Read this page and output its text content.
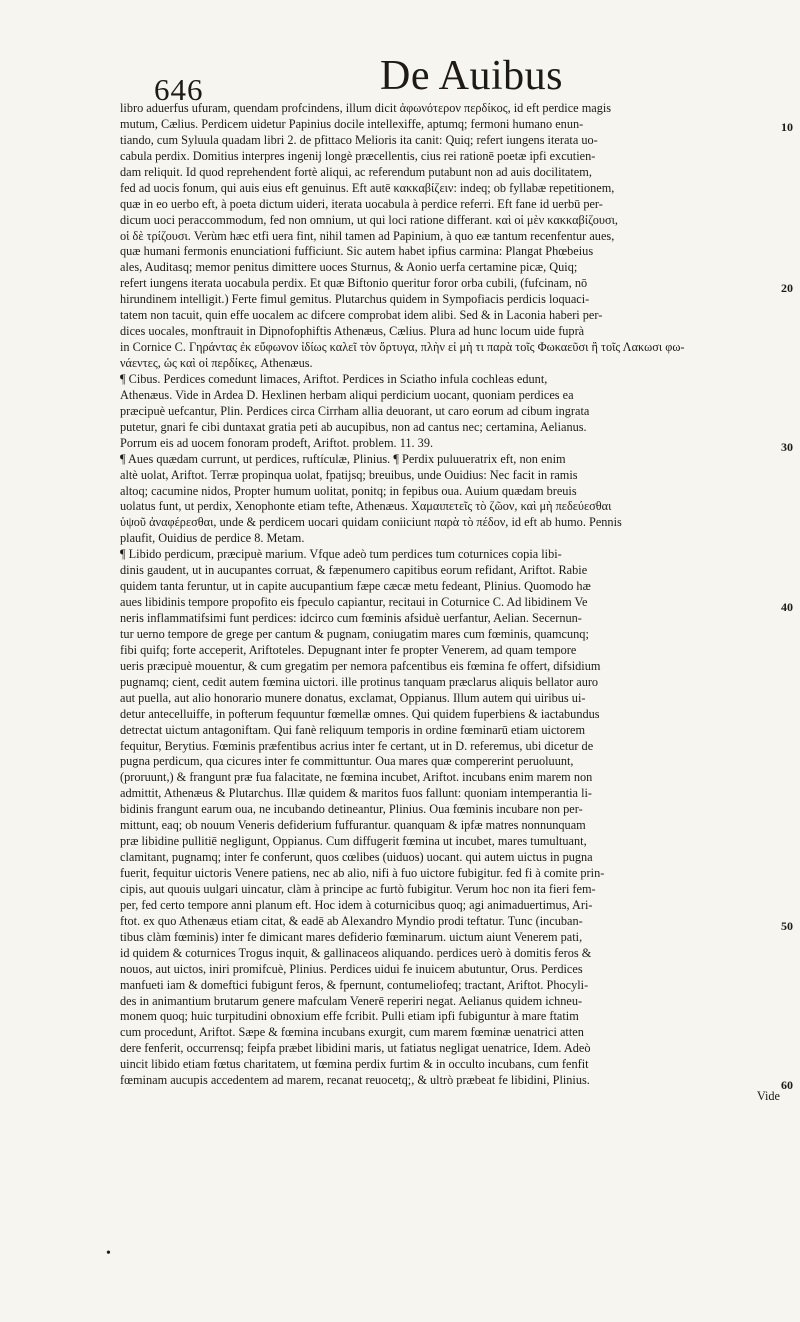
646	De Auibus
libro aduerfus ufuram, quendam profcindens, illum dicit ἀφωνότερον περδίκος, id eft perdice magis
mutum, Cælius. Perdicem uidetur Papinius docile intellexiffe, aptumq; fermoni humano enun-
tiando, cum Syluula quadam libri 2. de pfittaco Melioris ita canit: Quiq; refert iungens iterata uo-
cabula perdix. Domitius interpres ingenij longè præcellentis, cius rei rationē poetæ ipfi excutien-
dam reliquit. Id quod reprehendent fortè aliqui, ac referendum putabunt non ad auis docilitatem,
fed ad uocis fonum, qui auis eius eft genuinus. Eft autē κακκαβίζειν: indeq; ob fyllabæ repetitionem,
quæ in eo uerbo eft, à poeta dictum uideri, iterata uocabula à perdice referri. Eft fane id uerbū per-
dicum uoci peraccommodum, fed non omnium, ut qui loci ratione differant. καὶ οἱ μὲν κακκαβίζουσι,
οἱ δὲ τρίζουσι. Verùm hæc etfi uera fint, nihil tamen ad Papinium, à quo eæ tantum recenfentur aues,
quæ humani fermonis enunciationi fufficiunt. Sic autem habet ipfius carmina: Plangat Phœbeius
ales, Auditasq; memor penitus dimittere uoces Sturnus, & Aonio uerfa certamine picæ, Quiq;
refert iungens iterata uocabula perdix. Et quæ Biftonio queritur foror orba cubili, (fufcinam, nō
hirundinem intelligit.) Ferte fimul gemitus. Plutarchus quidem in Sympofiacis perdicis loquaci-
tatem non tacuit, quin effe uocalem ac difcere comprobat idem alibi. Sed & in Laconia haberi per-
dices uocales, monftrauit in Dipnofophiftis Athenæus, Cælius. Plura ad hunc locum uide fuprà
in Cornice C. Γηράντας ἐκ εὔφωνον ἰδίως καλεῖ τὸν ὄρτυγα, πλὴν εἰ μὴ τι παρὰ τοῖς Φωκαεῦσι ἢ τοῖς Λακωσι φω-
νάεντες, ὡς καὶ οἱ περδίκες, Athenæus.
¶ Cibus. Perdices comedunt limaces, Ariftot. Perdices in Sciatho infula cochleas edunt,
Athenæus. Vide in Ardea D. Hexlinen herbam aliqui perdicium uocant, quoniam perdices ea
præcipuè uefcantur, Plin. Perdices circa Cirrham allia deuorant, ut caro eorum ad cibum ingrata
putetur, gnari fe cibi duntaxat gratia peti ab aucupibus, non ad cantus nec; certamina, Aelianus.
Porrum eis ad uocem fonoram prodeft, Ariftot. problem. 11. 39.
¶ Aues quædam currunt, ut perdices, ruftículæ, Plinius. ¶ Perdix puluueratrix eft, non enim
altè uolat, Ariftot. Terræ propinqua uolat, fpatijsq; breuibus, unde Ouidius: Nec facit in ramis
altoq; cacumine nidos, Propter humum uolitat, ponitq; in fepibus oua. Auium quædam breuis
uolatus funt, ut perdix, Xenophonte etiam tefte, Athenæus. Χαμαιπετεῖς τὸ ζῶον, καὶ μὴ πεδεύεσθαι
ὑψοῦ ἀναφέρεσθαι, unde & perdicem uocari quidam coniiciunt παρὰ τὸ πέδον, id eft ab humo. Pennis
plaufit, Ouidius de perdice 8. Metam.
¶ Libido perdicum, præcipuè marium. Vfque adeò tum perdices tum coturnices copia libi-
dinis gaudent, ut in aucupantes corruat, & fæpenumero capitibus eorum refidant, Ariftot. Rabie
quidem tanta feruntur, ut in capite aucupantium fæpe cæcæ metu fedeant, Plinius. Quomodo hæ
aues libidinis tempore propofito eis fpeculo capiantur, recitaui in Coturnice C. Ad libidinem Ve
neris inflammatifsimi funt perdices: idcirco cum fœminis afsiduè uerfantur, Aelian. Secernun-
tur uerno tempore de grege per cantum & pugnam, coniugatim mares cum fœminis, quamcunq;
fibi quifq; forte acceperit, Ariftoteles. Depugnant inter fe propter Venerem, ad quam tempore
ueris præcipuè mouentur, & cum gregatim per nemora pafcentibus eis fœmina fe offert, difsidium
pugnamq; cient, cedit autem fœmina uictori. ille protinus tanquam præclarus aliquis bellator auro
aut puella, aut alio honorario munere donatus, exclamat, Oppianus. Illum autem qui uiribus ui-
detur antecelluiffe, in pofterum fequuntur fœmellæ omnes. Qui quidem fuperbiens & iactabundus
detrectat uictum antagoniftam. Qui fanè reliquum temporis in ordine fœminarū etiam uictorem
fequitur, Berytius. Fœminis præfentibus acrius inter fe certant, ut in D. referemus, ubi dicetur de
pugna perdicum, qua cicures inter fe committuntur. Oua mares quæ compererint peruoluunt,
(proruunt,) & frangunt præ fua falacitate, ne fœmina incubet, Ariftot. incubans enim marem non
admittit, Athenæus & Plutarchus. Illæ quidem & maritos fuos fallunt: quoniam intemperantia li-
bidinis frangunt earum oua, ne incubando detineantur, Plinius. Oua fœminis incubare non per-
mittunt, eaq; ob nouum Veneris defiderium fuffurantur. quanquam & ipfæ matres nonnunquam
præ libidine pullitiē negligunt, Oppianus. Cum diffugerit fœmina ut incubet, mares tumultuant,
clamitant, pugnamq; inter fe conferunt, quos cœlibes (uiduos) uocant. qui autem uictus in pugna
fuerit, fequitur uictoris Venere patiens, nec ab alio, nifi à fuo uictore fubigitur. fed fi à comite prin-
cipis, aut quouis uulgari uincatur, clàm à principe ac furtò fubigitur. Verum hoc non ita fieri fem-
per, fed certo tempore anni planum eft. Hoc idem à coturnicibus quoq; agi animaduertimus, Ari-
ftot. ex quo Athenæus etiam citat, & eadē ab Alexandro Myndio prodi teftatur. Tunc (incuban-
tibus clàm fœminis) inter fe dimicant mares defiderio fœminarum. uictum aiunt Venerem pati,
id quidem & coturnices Trogus inquit, & gallinaceos aliquando. perdices uerò à domitis feros &
nouos, aut uictos, iniri promifcuè, Plinius. Perdices uidui fe inuicem abutuntur, Orus. Perdices
manfueti iam & domeftici fubigunt feros, & fpernunt, contumeliofeq; tractant, Ariftot. Phocyli-
des in animantium brutarum genere mafculam Venerē reperiri negat. Aelianus quidem ichneu-
monem quoq; huic turpitudini obnoxium effe fcribit. Pulli etiam ipfi fubiguntur à mare ftatim
cum procedunt, Ariftot. Sæpe & fœmina incubans exurgit, cum marem fœminæ uenatrici atten
dere fenferit, occurrensq; feipfa præbet libidini maris, ut fatiatus negligat uenatrice, Idem. Adeò
uincit libido etiam fœtus charitatem, ut fœmina perdix furtim & in occulto incubans, cum fenfit
fœminam aucupis accedentem ad marem, recanat reuocetq;, & ultrò præbeat fe libidini, Plinius.
Vide
10
20
30
40
50
60
•
